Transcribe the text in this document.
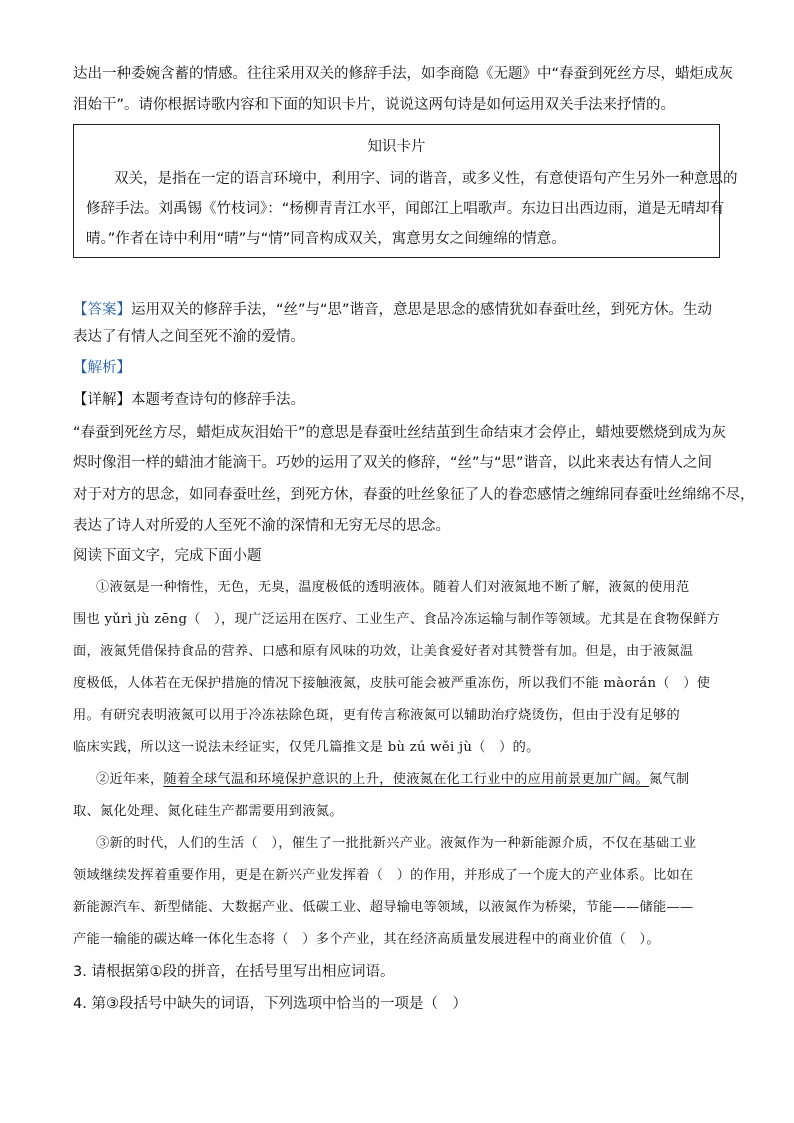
达出一种委婉含蓄的情感。往往采用双关的修辞手法，如李商隐《无题》中“春蚕到死丝方尽，蜡炬成灰
泪始干”。请你根据诗歌内容和下面的知识卡片，说说这两句诗是如何运用双关手法来抒情的。
知识卡片
双关，是指在一定的语言环境中，利用字、词的谐音，或多义性，有意使语句产生另外一种意思的
修辞手法。刘禹锡《竹枝词》：“杨柳青青江水平，闻郎江上唱歌声。东边日出西边雨，道是无晴却有
晴。”作者在诗中利用“晴”与“情”同音构成双关，寓意男女之间缠绵的情意。
【答案】运用双关的修辞手法，“丝”与“思”谐音，意思是思念的感情犹如春蚕吐丝，到死方休。生动
表达了有情人之间至死不渝的爱情。
【解析】
【详解】本题考查诗句的修辞手法。
“春蚕到死丝方尽，蜡炬成灰泪始干”的意思是春蚕吐丝结茧到生命结束才会停止，蜡烛要燃烧到成为灰
烬时像泪一样的蜡油才能滴干。巧妙的运用了双关的修辞，“丝”与“思”谐音，以此来表达有情人之间
对于对方的思念，如同春蚕吐丝，到死方休，春蚕的吐丝象征了人的眷恋感情之缠绵同春蚕吐丝绵绵不尽，
表达了诗人对所爱的人至死不渝的深情和无穷无尽的思念。
阅读下面文字，完成下面小题
①液氨是一种惰性，无色，无臭，温度极低的透明液体。随着人们对液氮地不断了解，液氮的使用范
围也 yǔrì jù zēng（　），现广泛运用在医疗、工业生产、食品冷冻运输与制作等领域。尤其是在食物保鲜方
面，液氮凭借保持食品的营养、口感和原有风味的功效，让美食爱好者对其赞誉有加。但是，由于液氮温
度极低，人体若在无保护措施的情况下接触液氮，皮肤可能会被严重冻伤，所以我们不能 màorán（　）使
用。有研究表明液氮可以用于冷冻祛除色斑，更有传言称液氮可以辅助治疗烧烫伤，但由于没有足够的
临床实践，所以这一说法未经证实，仅凭几篇推文是 bù zú wěi jù（　）的。
②近年来，随着全球气温和环境保护意识的上升，使液氮在化工行业中的应用前景更加广阔。氮气制
取、氮化处理、氮化硅生产都需要用到液氮。
③新的时代，人们的生活（　），催生了一批批新兴产业。液氮作为一种新能源介质，不仅在基础工业
领域继续发挥着重要作用，更是在新兴产业发挥着（　）的作用，并形成了一个庞大的产业体系。比如在
新能源汽车、新型储能、大数据产业、低碳工业、超导输电等领域，以液氮作为桥梁，节能——储能——
产能一输能的碳达峰一体化生态将（　）多个产业，其在经济高质量发展进程中的商业价值（　）。
3. 请根据第①段的拼音，在括号里写出相应词语。
4. 第③段括号中缺失的词语，下列选项中恰当的一项是（　）
